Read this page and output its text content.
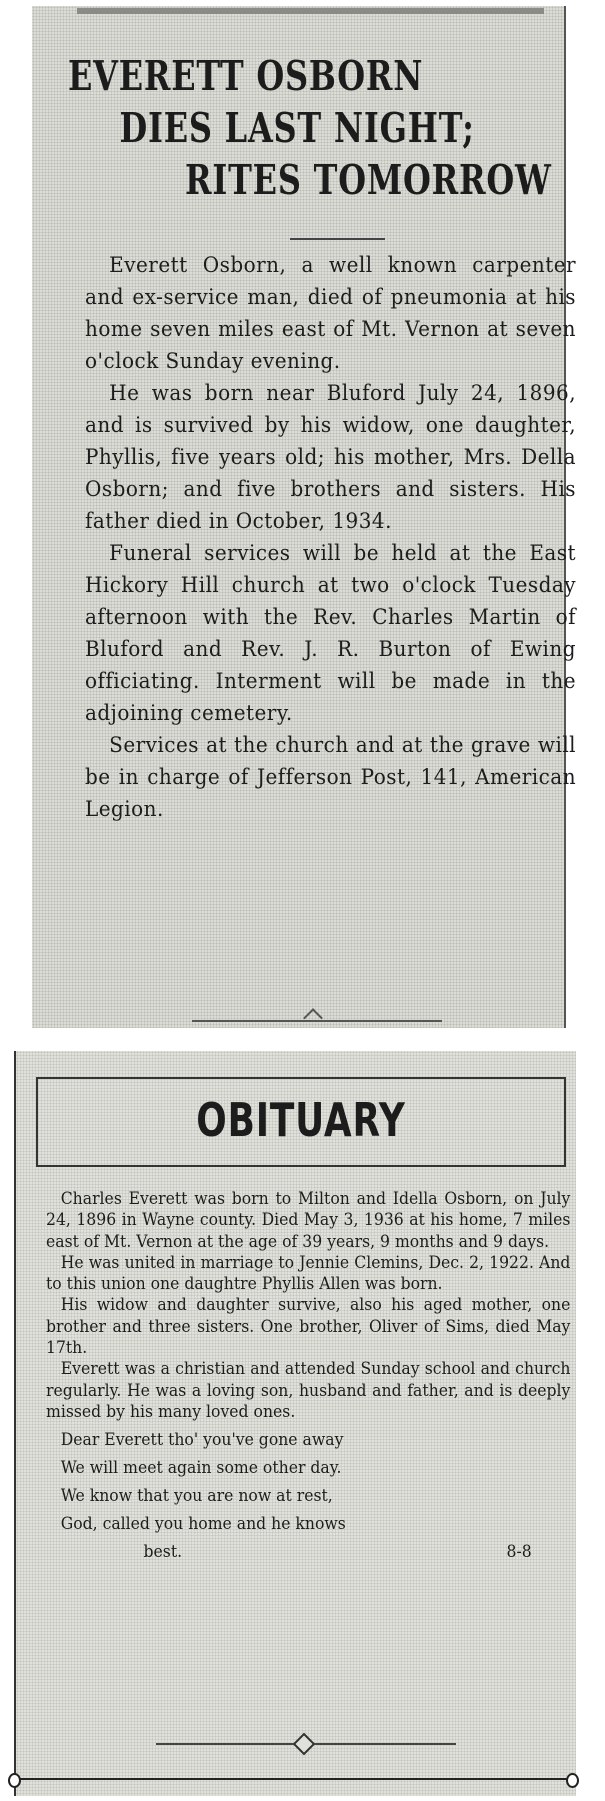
EVERETT OSBORN
DIES LAST NIGHT;
RITES TOMORROW

Everett Osborn, a well known carpenter and ex-service man, died of pneumonia at his home seven miles east of Mt. Vernon at seven o'clock Sunday evening.

He was born near Bluford July 24, 1896, and is survived by his widow, one daughter, Phyllis, five years old; his mother, Mrs. Della Osborn; and five brothers and sisters. His father died in October, 1934.

Funeral services will be held at the East Hickory Hill church at two o'clock Tuesday afternoon with the Rev. Charles Martin of Bluford and Rev. J. R. Burton of Ewing officiating. Interment will be made in the adjoining cemetery.

Services at the church and at the grave will be in charge of Jefferson Post, 141, American Legion.

OBITUARY

Charles Everett was born to Milton and Idella Osborn, on July 24, 1896 in Wayne county. Died May 3, 1936 at his home, 7 miles east of Mt. Vernon at the age of 39 years, 9 months and 9 days.

He was united in marriage to Jennie Clemins, Dec. 2, 1922. And to this union one daughtre Phyllis Allen was born.

His widow and daughter survive, also his aged mother, one brother and three sisters. One brother, Oliver of Sims, died May 17th.

Everett was a christian and attended Sunday school and church regularly. He was a loving son, husband and father, and is deeply missed by his many loved ones.

Dear Everett tho' you've gone away
We will meet again some other day.
We know that you are now at rest,
God, called you home and he knows
best.	8-8
